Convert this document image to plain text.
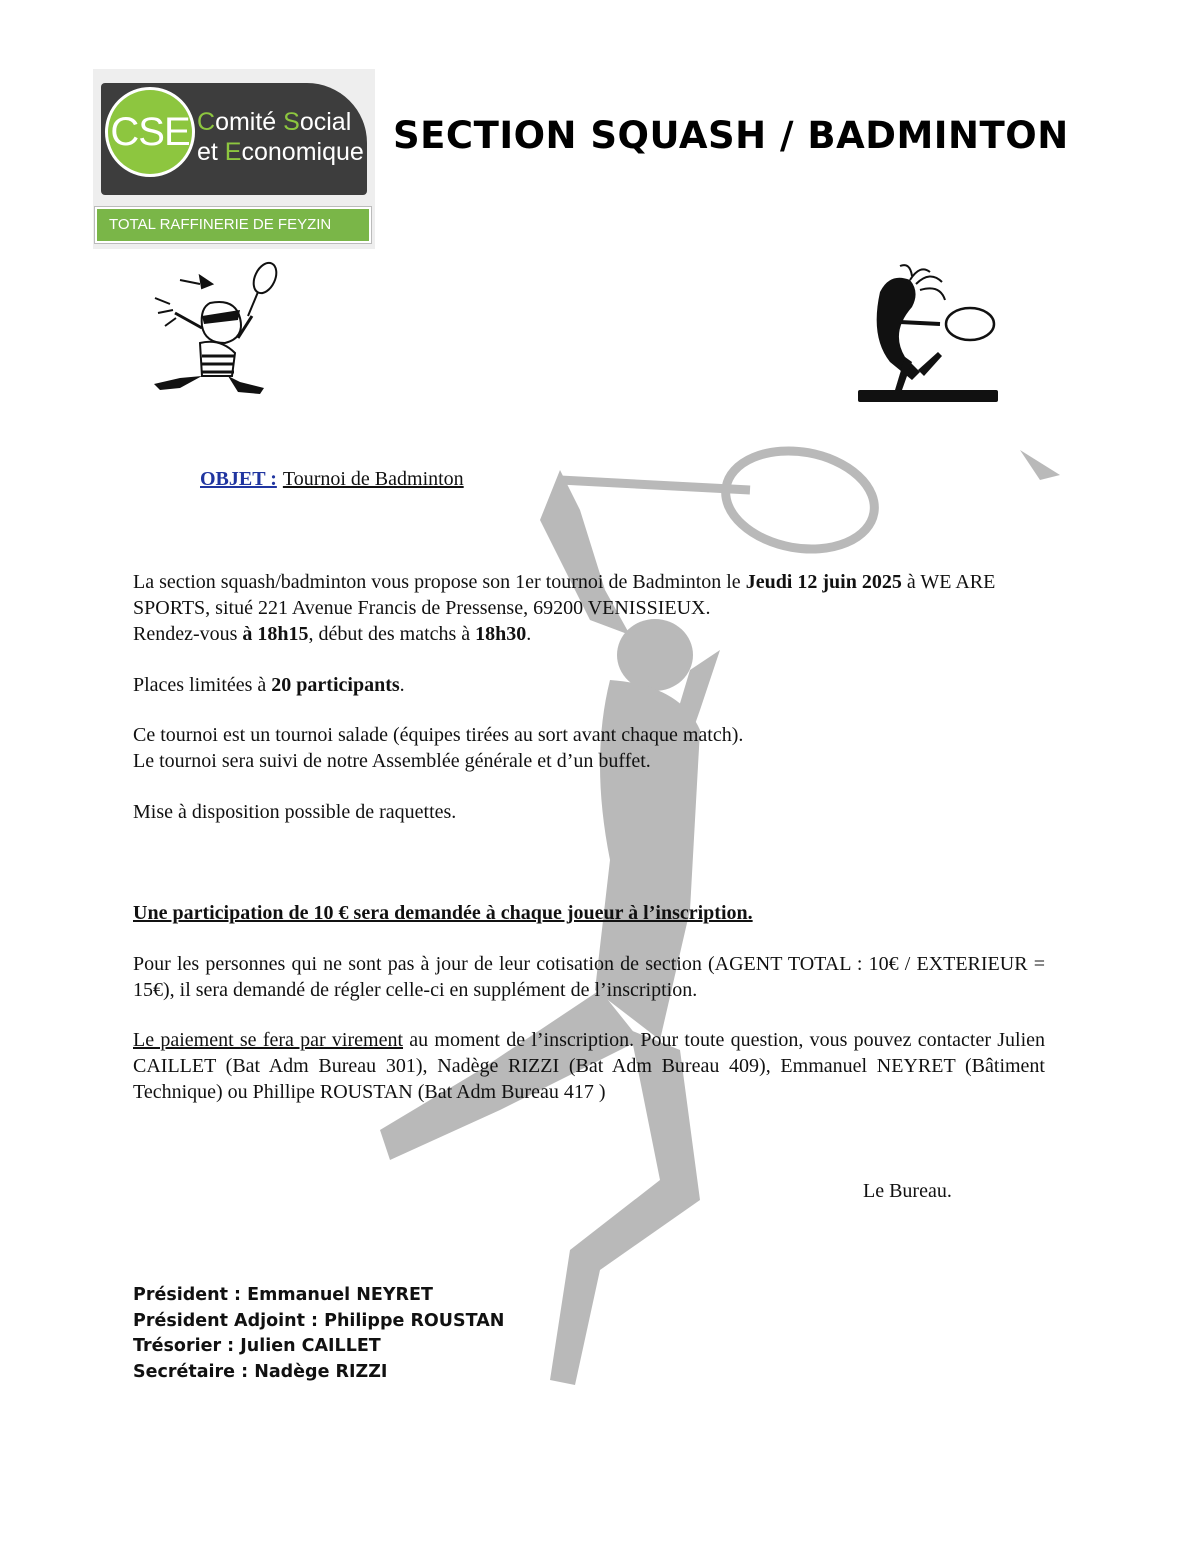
Comité Social
et Economique
CSE
TOTAL RAFFINERIE DE FEYZIN
SECTION SQUASH / BADMINTON
OBJET : Tournoi de Badminton

La section squash/badminton vous propose son 1er tournoi de Badminton le Jeudi 12 juin 2025 à WE ARE SPORTS, situé 221 Avenue Francis de Pressense, 69200 VENISSIEUX.

Rendez-vous à 18h15, début des matchs à 18h30.

Places limitées à 20 participants.

Ce tournoi est un tournoi salade (équipes tirées au sort avant chaque match).

Le tournoi sera suivi de notre Assemblée générale et d’un buffet.

Mise à disposition possible de raquettes.

Une participation de 10 € sera demandée à chaque joueur à l’inscription.

Pour les personnes qui ne sont pas à jour de leur cotisation de section (AGENT TOTAL : 10€ / EXTERIEUR = 15€), il sera demandé de régler celle-ci en supplément de l’inscription.

Le paiement se fera par virement au moment de l’inscription. Pour toute question, vous pouvez contacter Julien CAILLET (Bat Adm Bureau 301), Nadège RIZZI (Bat Adm Bureau 409), Emmanuel NEYRET (Bâtiment Technique) ou Phillipe ROUSTAN (Bat Adm Bureau 417 )

Le Bureau.
Président : Emmanuel NEYRET
Président Adjoint : Philippe ROUSTAN
Trésorier : Julien CAILLET
Secrétaire : Nadège RIZZI
